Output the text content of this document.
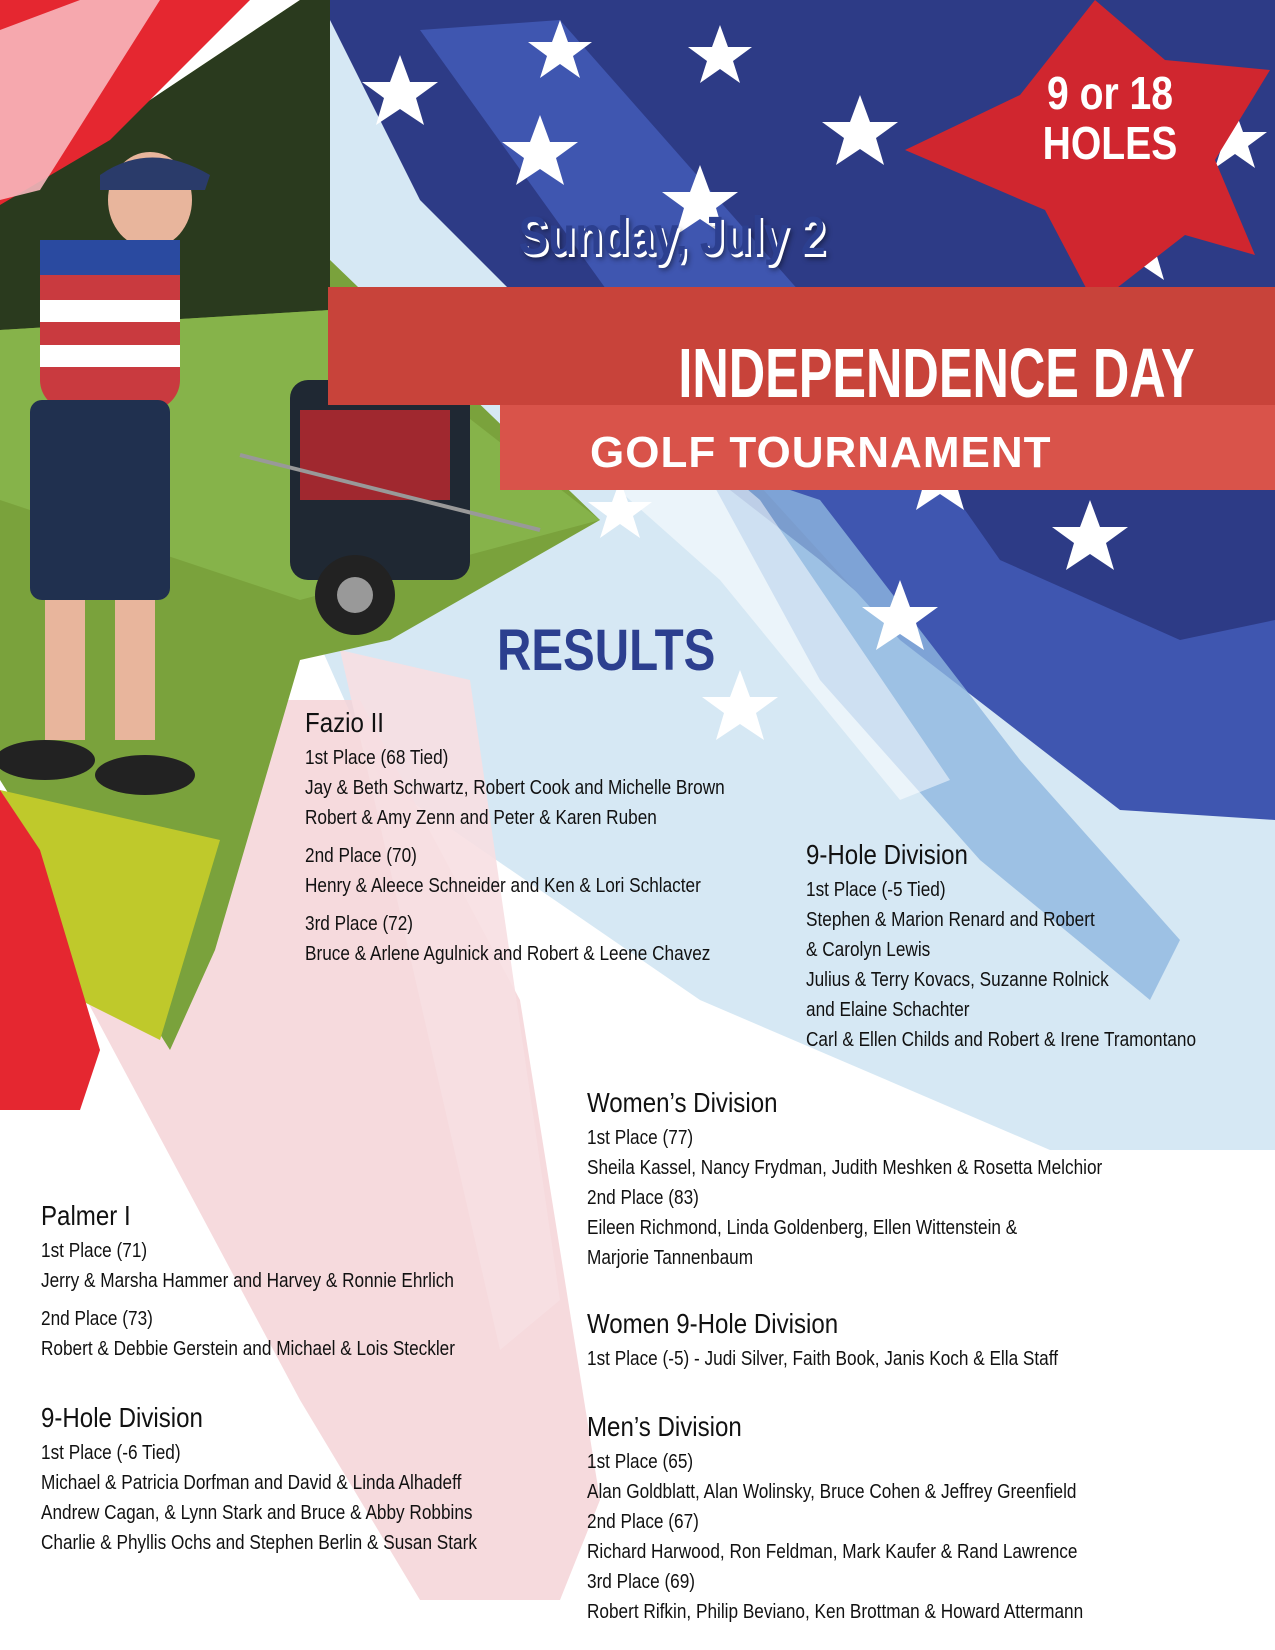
9 or 18
HOLES
Sunday, July 2
INDEPENDENCE DAY
GOLF TOURNAMENT
RESULTS
Fazio II
1st Place (68 Tied)
Jay & Beth Schwartz, Robert Cook and Michelle Brown
Robert & Amy Zenn and Peter & Karen Ruben
2nd Place (70)
Henry & Aleece Schneider and Ken & Lori Schlacter
3rd Place (72)
Bruce & Arlene Agulnick and Robert & Leene Chavez
9-Hole Division
1st Place (-5 Tied)
Stephen & Marion Renard and Robert
& Carolyn Lewis
Julius & Terry Kovacs, Suzanne Rolnick
and Elaine Schachter
Carl & Ellen Childs and Robert & Irene Tramontano
Women’s Division
1st Place (77)
Sheila Kassel, Nancy Frydman, Judith Meshken & Rosetta Melchior
2nd Place (83)
Eileen Richmond, Linda Goldenberg, Ellen Wittenstein &
Marjorie Tannenbaum
Women 9-Hole Division
1st Place (-5) - Judi Silver, Faith Book, Janis Koch & Ella Staff
Men’s Division
1st Place (65)
Alan Goldblatt, Alan Wolinsky, Bruce Cohen & Jeffrey Greenfield
2nd Place (67)
Richard Harwood, Ron Feldman, Mark Kaufer & Rand Lawrence
3rd Place (69)
Robert Rifkin, Philip Beviano, Ken Brottman & Howard Attermann
Palmer I
1st Place (71)
Jerry & Marsha Hammer and Harvey & Ronnie Ehrlich
2nd Place (73)
Robert & Debbie Gerstein and Michael & Lois Steckler
9-Hole Division
1st Place (-6 Tied)
Michael & Patricia Dorfman and David & Linda Alhadeff
Andrew Cagan, & Lynn Stark and Bruce & Abby Robbins
Charlie & Phyllis Ochs and Stephen Berlin & Susan Stark
